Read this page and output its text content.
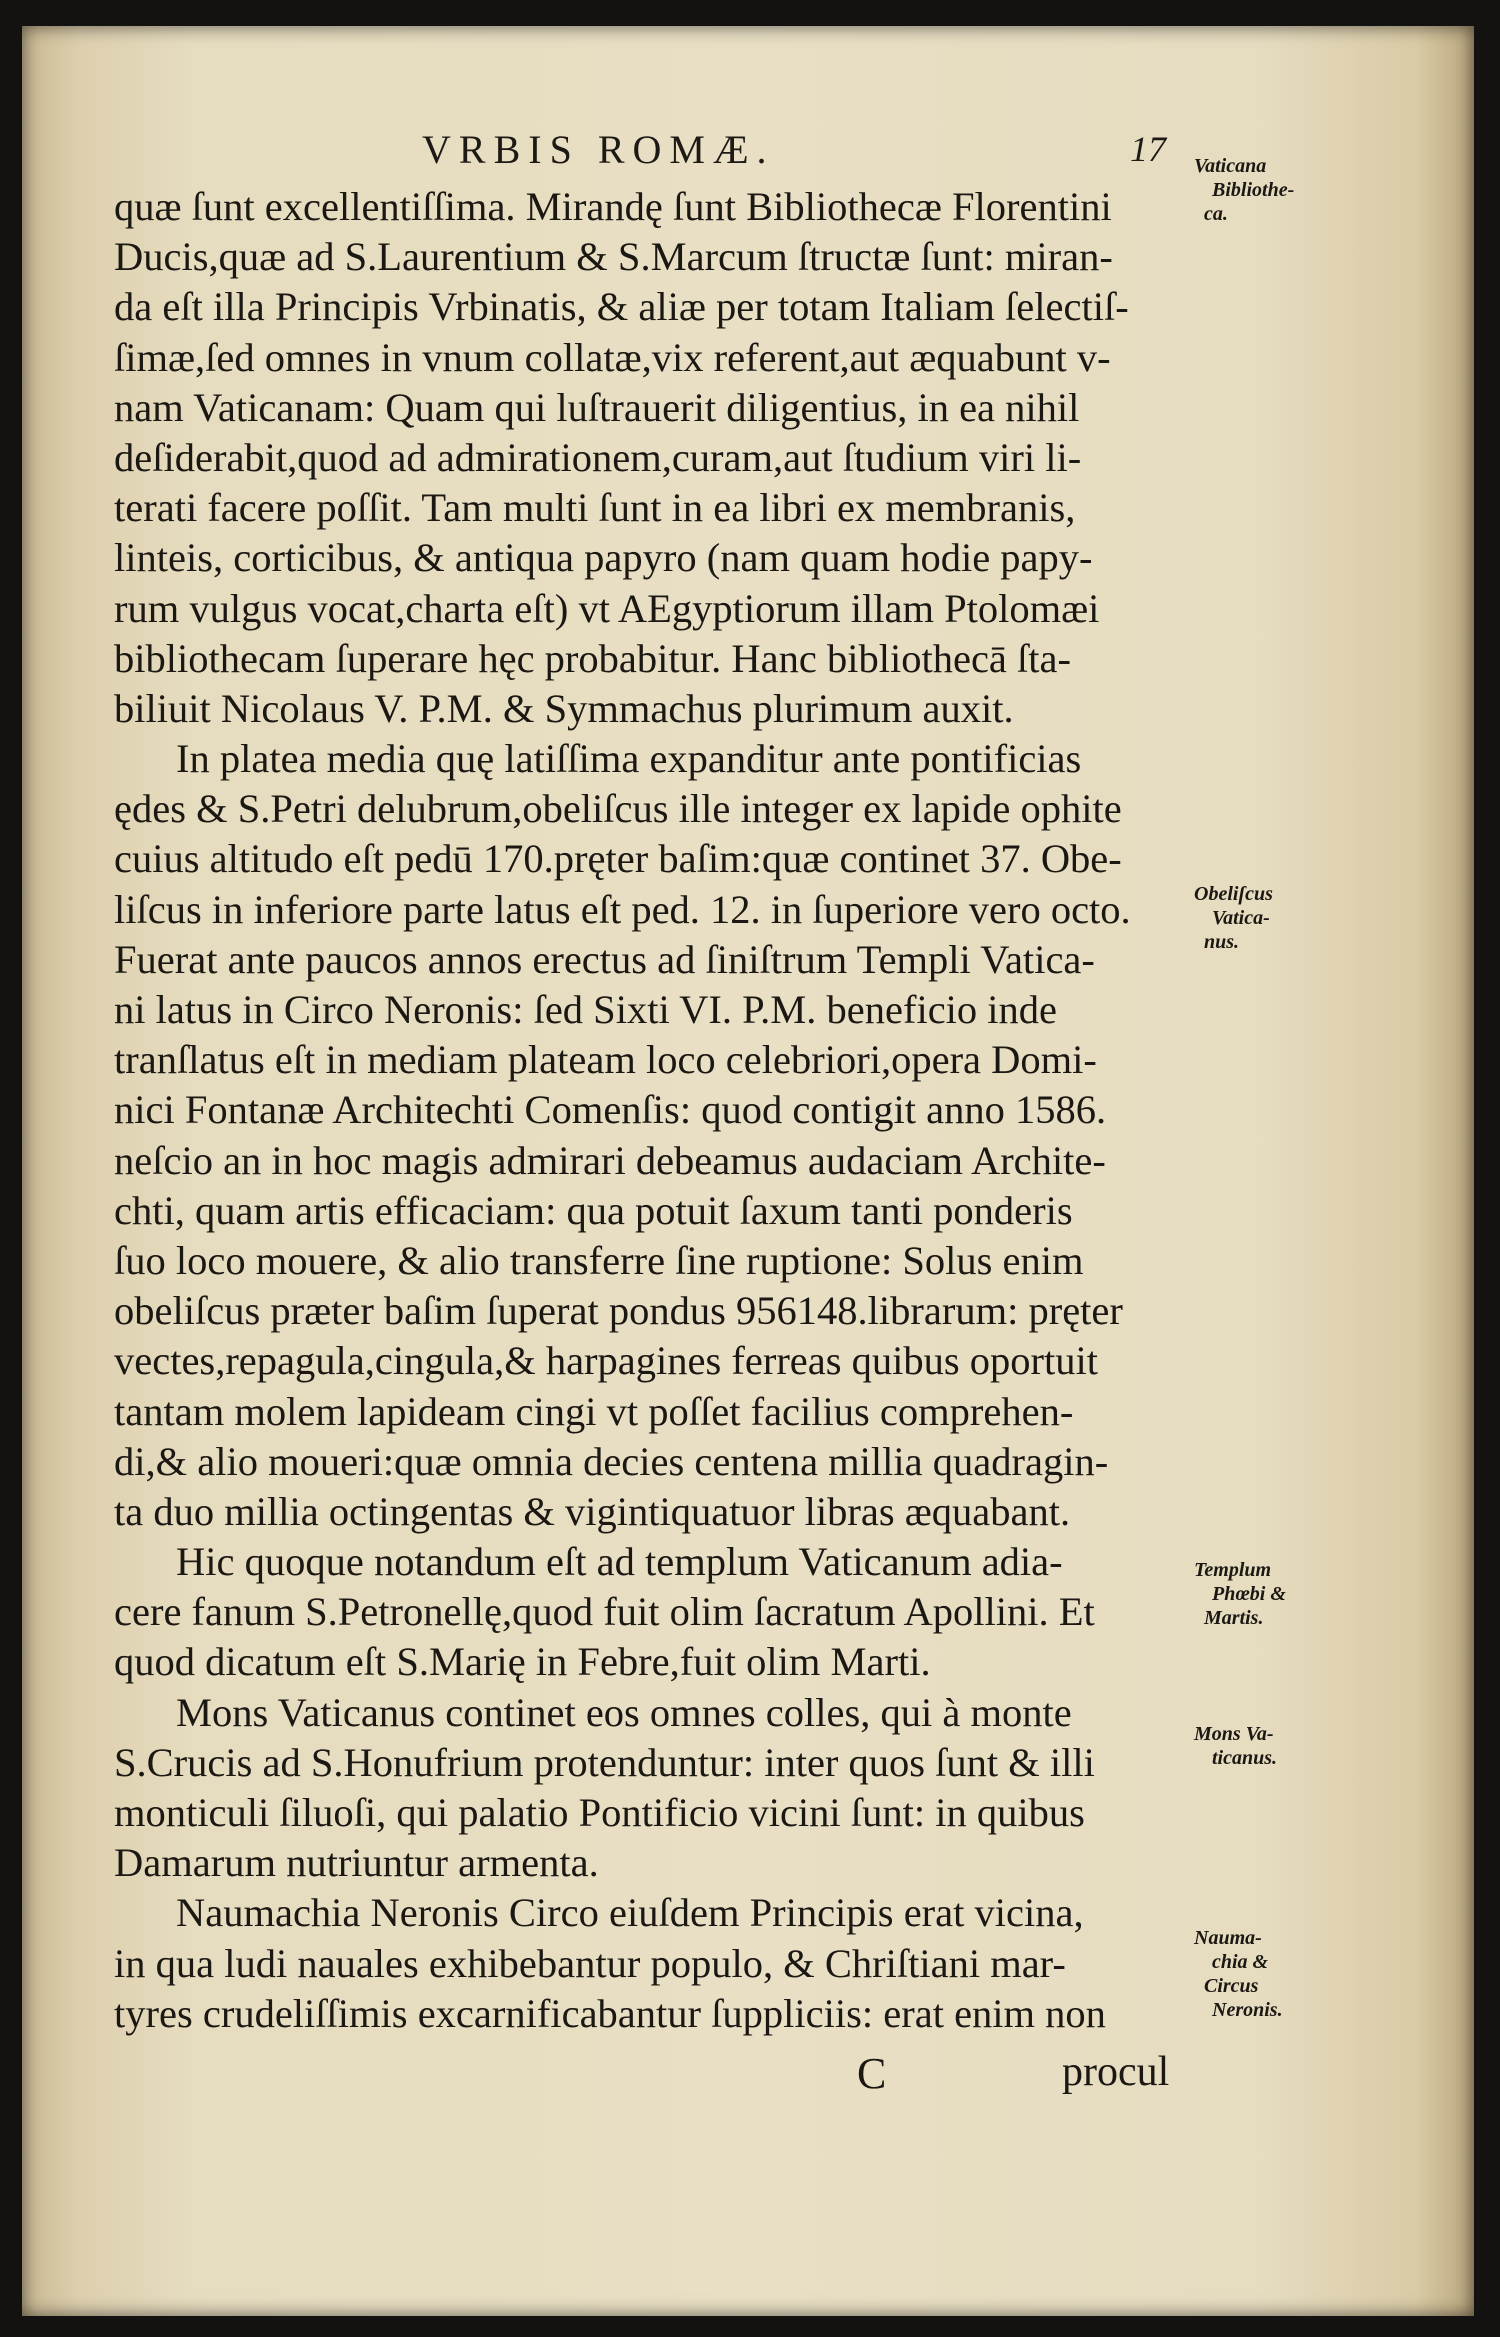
VRBIS ROMÆ.	17
quæ ſunt excellentiſſima. Mirandę ſunt Bibliothecæ Florentini
Ducis,quæ ad S.Laurentium & S.Marcum ſtructæ ſunt: miran-
da eſt illa Principis Vrbinatis, & aliæ per totam Italiam ſelectiſ-
ſimæ,ſed omnes in vnum collatæ,vix referent,aut æquabunt v-
nam Vaticanam: Quam qui luſtrauerit diligentius, in ea nihil
deſiderabit,quod ad admirationem,curam,aut ſtudium viri li-
terati facere poſſit. Tam multi ſunt in ea libri ex membranis,
linteis, corticibus, & antiqua papyro (nam quam hodie papy-
rum vulgus vocat,charta eſt) vt AEgyptiorum illam Ptolomæi
bibliothecam ſuperare hęc probabitur. Hanc bibliothecā ſta-
biliuit Nicolaus V. P.M. & Symmachus plurimum auxit.
In platea media quę latiſſima expanditur ante pontificias
ędes & S.Petri delubrum,obeliſcus ille integer ex lapide ophite
cuius altitudo eſt pedū 170.pręter baſim:quæ continet 37. Obe-
liſcus in inferiore parte latus eſt ped. 12. in ſuperiore vero octo.
Fuerat ante paucos annos erectus ad ſiniſtrum Templi Vatica-
ni latus in Circo Neronis: ſed Sixti VI. P.M. beneficio inde
tranſlatus eſt in mediam plateam loco celebriori,opera Domi-
nici Fontanæ Architechti Comenſis: quod contigit anno 1586.
neſcio an in hoc magis admirari debeamus audaciam Archite-
chti, quam artis efficaciam: qua potuit ſaxum tanti ponderis
ſuo loco mouere, & alio transferre ſine ruptione: Solus enim
obeliſcus præter baſim ſuperat pondus 956148.librarum: pręter
vectes,repagula,cingula,& harpagines ferreas quibus oportuit
tantam molem lapideam cingi vt poſſet facilius comprehen-
di,& alio moueri:quæ omnia decies centena millia quadragin-
ta duo millia octingentas & vigintiquatuor libras æquabant.
Hic quoque notandum eſt ad templum Vaticanum adia-
cere fanum S.Petronellę,quod fuit olim ſacratum Apollini. Et
quod dicatum eſt S.Marię in Febre,fuit olim Marti.
Mons Vaticanus continet eos omnes colles, qui à monte
S.Crucis ad S.Honufrium protenduntur: inter quos ſunt & illi
monticuli ſiluoſi, qui palatio Pontificio vicini ſunt: in quibus
Damarum nutriuntur armenta.
Naumachia Neronis Circo eiuſdem Principis erat vicina,
in qua ludi nauales exhibebantur populo, & Chriſtiani mar-
tyres crudeliſſimis excarnificabantur ſuppliciis: erat enim non
Vaticana
Bibliothe-
ca.
Obeliſcus
Vatica-
nus.
Templum
Phœbi &
Martis.
Mons Va-
ticanus.
Nauma-
chia &
Circus
Neronis.
C	procul
